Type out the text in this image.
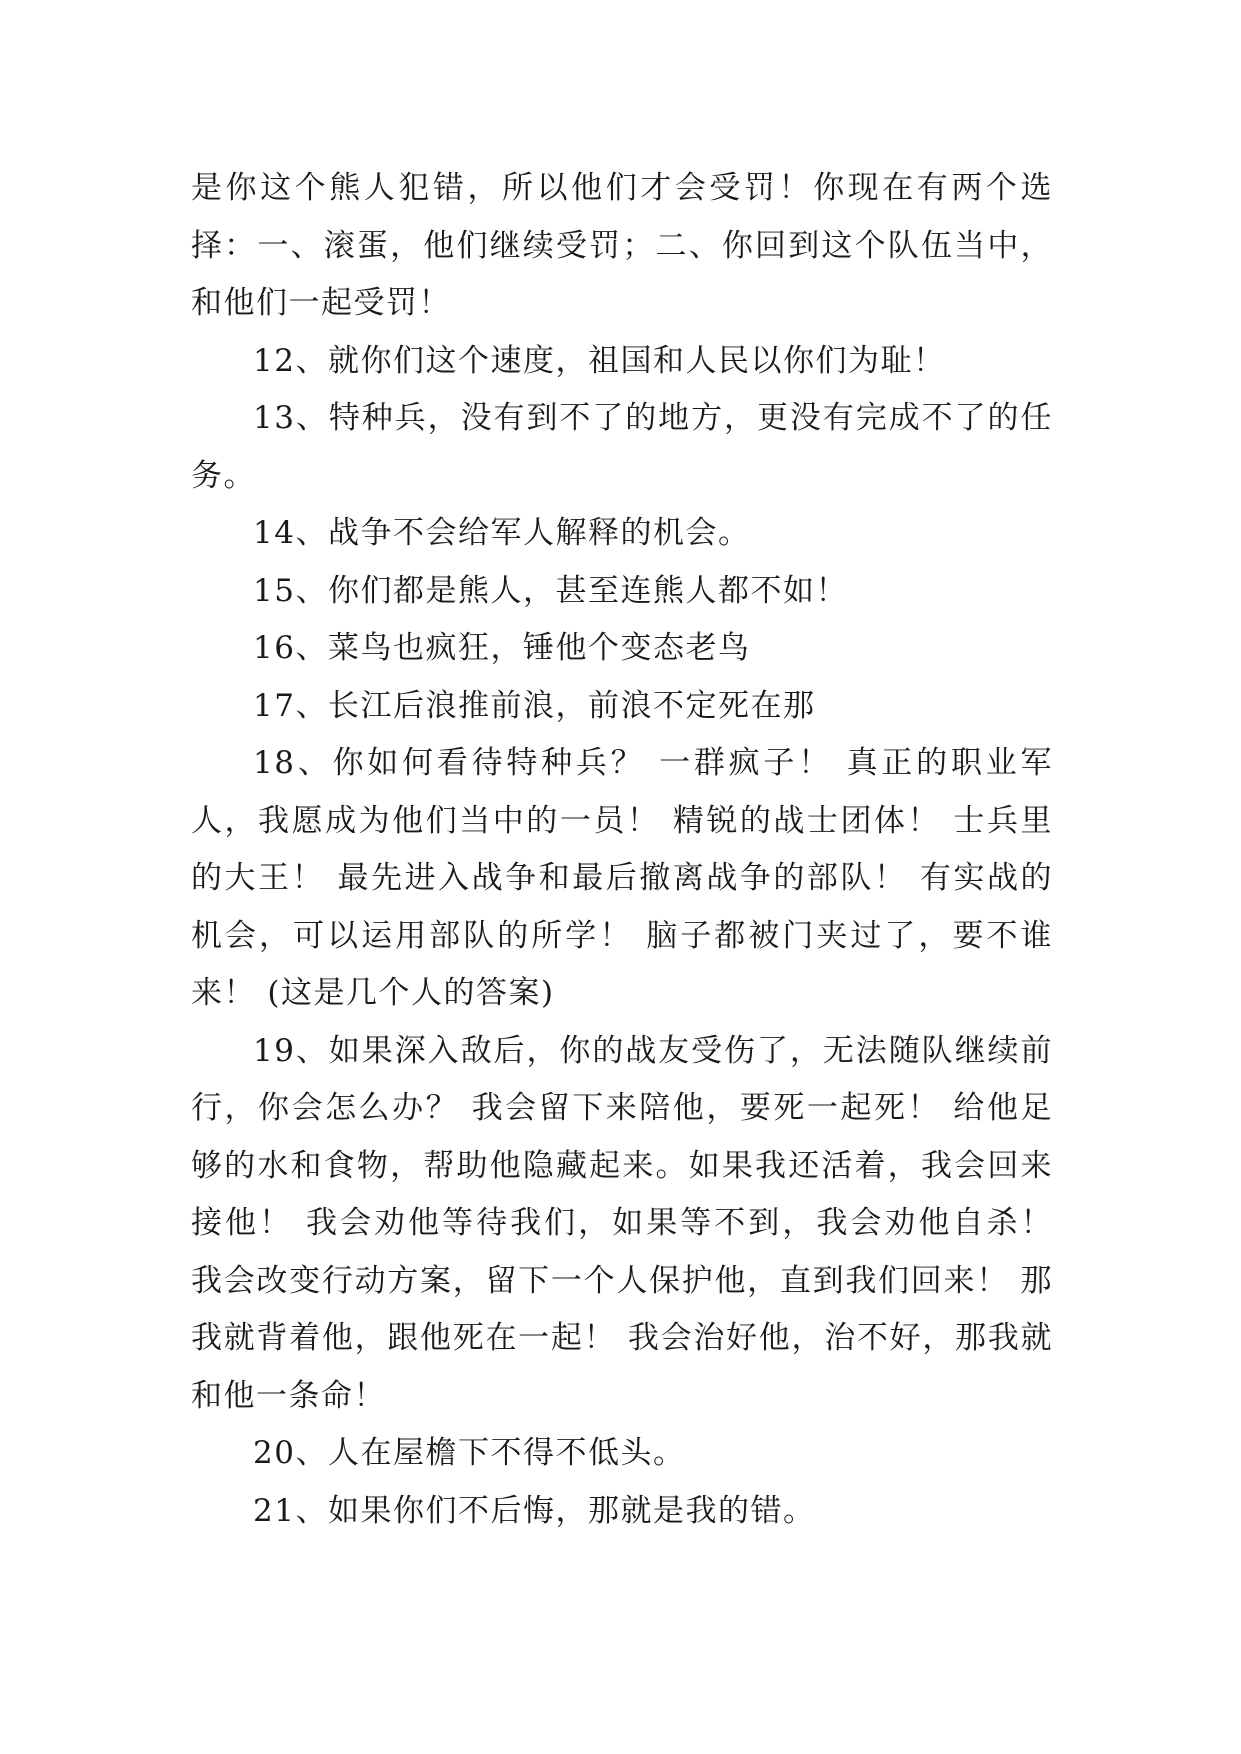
是你这个熊人犯错，所以他们才会受罚！你现在有两个选择：一、滚蛋，他们继续受罚；二、你回到这个队伍当中，和他们一起受罚！

12、就你们这个速度，祖国和人民以你们为耻！

13、特种兵，没有到不了的地方，更没有完成不了的任务。

14、战争不会给军人解释的机会。

15、你们都是熊人，甚至连熊人都不如！

16、菜鸟也疯狂，锤他个变态老鸟

17、长江后浪推前浪，前浪不定死在那

18、你如何看待特种兵？ 一群疯子！ 真正的职业军人，我愿成为他们当中的一员！ 精锐的战士团体！ 士兵里的大王！ 最先进入战争和最后撤离战争的部队！ 有实战的机会，可以运用部队的所学！ 脑子都被门夹过了，要不谁来！ (这是几个人的答案)

19、如果深入敌后，你的战友受伤了，无法随队继续前行，你会怎么办？ 我会留下来陪他，要死一起死！ 给他足够的水和食物，帮助他隐藏起来。如果我还活着，我会回来接他！ 我会劝他等待我们，如果等不到，我会劝他自杀！ 我会改变行动方案，留下一个人保护他，直到我们回来！ 那我就背着他，跟他死在一起！ 我会治好他，治不好，那我就和他一条命！

20、人在屋檐下不得不低头。

21、如果你们不后悔，那就是我的错。
